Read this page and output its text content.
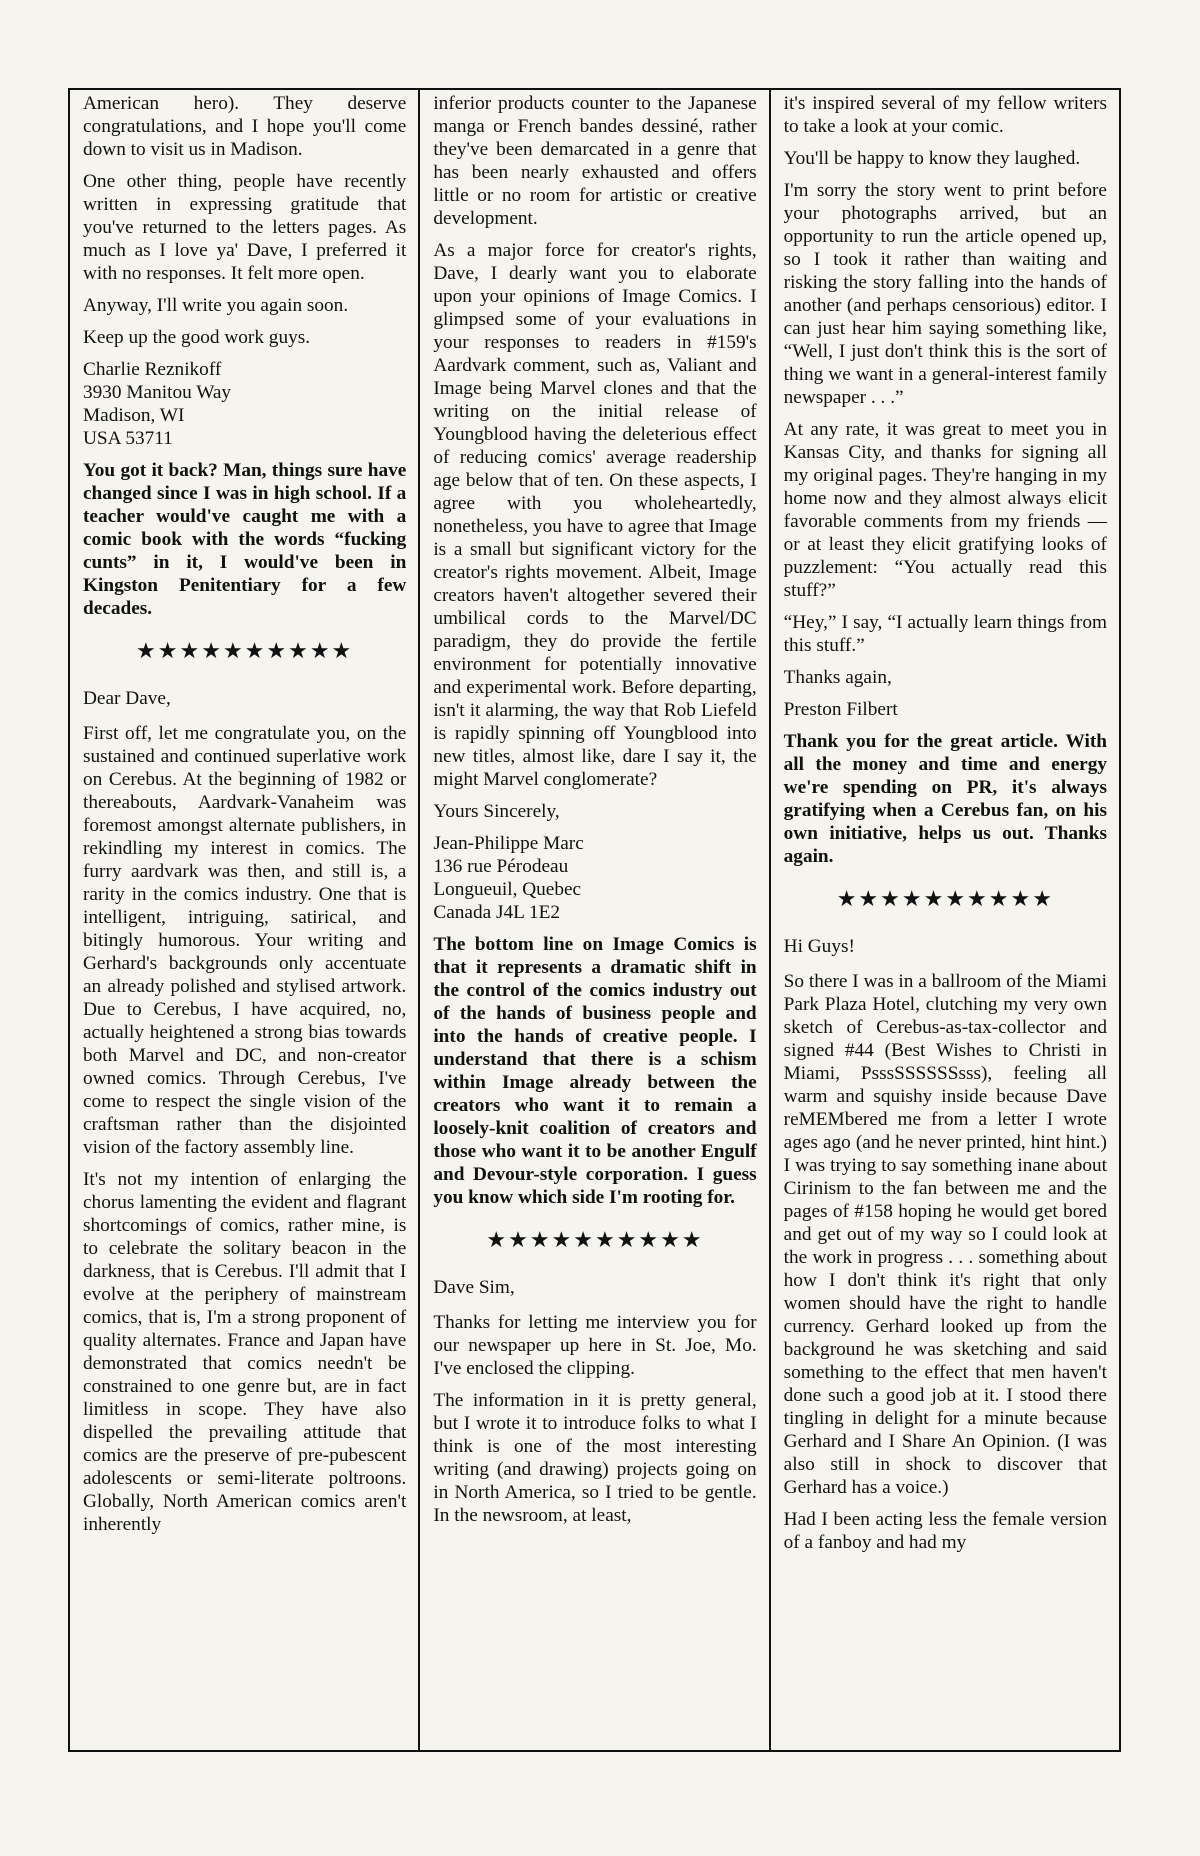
American hero). They deserve congratulations, and I hope you'll come down to visit us in Madison.

One other thing, people have recently written in expressing gratitude that you've returned to the letters pages. As much as I love ya' Dave, I preferred it with no responses. It felt more open.

Anyway, I'll write you again soon.

Keep up the good work guys.

Charlie Reznikoff
3930 Manitou Way
Madison, WI
USA 53711

You got it back? Man, things sure have changed since I was in high school. If a teacher would've caught me with a comic book with the words “fucking cunts” in it, I would've been in Kingston Penitentiary for a few decades.

★★★★★★★★★★

Dear Dave,

First off, let me congratulate you, on the sustained and continued superlative work on Cerebus. At the beginning of 1982 or thereabouts, Aardvark-Vanaheim was foremost amongst alternate publishers, in rekindling my interest in comics. The furry aardvark was then, and still is, a rarity in the comics industry. One that is intelligent, intriguing, satirical, and bitingly humorous. Your writing and Gerhard's backgrounds only accentuate an already polished and stylised artwork. Due to Cerebus, I have acquired, no, actually heightened a strong bias towards both Marvel and DC, and non-creator owned comics. Through Cerebus, I've come to respect the single vision of the craftsman rather than the disjointed vision of the factory assembly line.

It's not my intention of enlarging the chorus lamenting the evident and flagrant shortcomings of comics, rather mine, is to celebrate the solitary beacon in the darkness, that is Cerebus. I'll admit that I evolve at the periphery of mainstream comics, that is, I'm a strong proponent of quality alternates. France and Japan have demonstrated that comics needn't be constrained to one genre but, are in fact limitless in scope. They have also dispelled the prevailing attitude that comics are the preserve of pre-pubescent adolescents or semi-literate poltroons. Globally, North American comics aren't inherently

inferior products counter to the Japanese manga or French bandes dessiné, rather they've been demarcated in a genre that has been nearly exhausted and offers little or no room for artistic or creative development.

As a major force for creator's rights, Dave, I dearly want you to elaborate upon your opinions of Image Comics. I glimpsed some of your evaluations in your responses to readers in #159's Aardvark comment, such as, Valiant and Image being Marvel clones and that the writing on the initial release of Youngblood having the deleterious effect of reducing comics' average readership age below that of ten. On these aspects, I agree with you wholeheartedly, nonetheless, you have to agree that Image is a small but significant victory for the creator's rights movement. Albeit, Image creators haven't altogether severed their umbilical cords to the Marvel/DC paradigm, they do provide the fertile environment for potentially innovative and experimental work. Before departing, isn't it alarming, the way that Rob Liefeld is rapidly spinning off Youngblood into new titles, almost like, dare I say it, the might Marvel conglomerate?

Yours Sincerely,

Jean-Philippe Marc
136 rue Pérodeau
Longueuil, Quebec
Canada J4L 1E2

The bottom line on Image Comics is that it represents a dramatic shift in the control of the comics industry out of the hands of business people and into the hands of creative people. I understand that there is a schism within Image already between the creators who want it to remain a loosely-knit coalition of creators and those who want it to be another Engulf and Devour-style corporation. I guess you know which side I'm rooting for.

★★★★★★★★★★

Dave Sim,

Thanks for letting me interview you for our newspaper up here in St. Joe, Mo. I've enclosed the clipping.

The information in it is pretty general, but I wrote it to introduce folks to what I think is one of the most interesting writing (and drawing) projects going on in North America, so I tried to be gentle. In the newsroom, at least,

it's inspired several of my fellow writers to take a look at your comic.

You'll be happy to know they laughed.

I'm sorry the story went to print before your photographs arrived, but an opportunity to run the article opened up, so I took it rather than waiting and risking the story falling into the hands of another (and perhaps censorious) editor. I can just hear him saying something like, “Well, I just don't think this is the sort of thing we want in a general-interest family newspaper . . .”

At any rate, it was great to meet you in Kansas City, and thanks for signing all my original pages. They're hanging in my home now and they almost always elicit favorable comments from my friends — or at least they elicit gratifying looks of puzzlement: “You actually read this stuff?”

“Hey,” I say, “I actually learn things from this stuff.”

Thanks again,

Preston Filbert

Thank you for the great article. With all the money and time and energy we're spending on PR, it's always gratifying when a Cerebus fan, on his own initiative, helps us out. Thanks again.

★★★★★★★★★★

Hi Guys!

So there I was in a ballroom of the Miami Park Plaza Hotel, clutching my very own sketch of Cerebus-as-tax-collector and signed #44 (Best Wishes to Christi in Miami, PsssSSSSSSsss), feeling all warm and squishy inside because Dave reMEMbered me from a letter I wrote ages ago (and he never printed, hint hint.) I was trying to say something inane about Cirinism to the fan between me and the pages of #158 hoping he would get bored and get out of my way so I could look at the work in progress . . . something about how I don't think it's right that only women should have the right to handle currency. Gerhard looked up from the background he was sketching and said something to the effect that men haven't done such a good job at it. I stood there tingling in delight for a minute because Gerhard and I Share An Opinion. (I was also still in shock to discover that Gerhard has a voice.)

Had I been acting less the female version of a fanboy and had my
